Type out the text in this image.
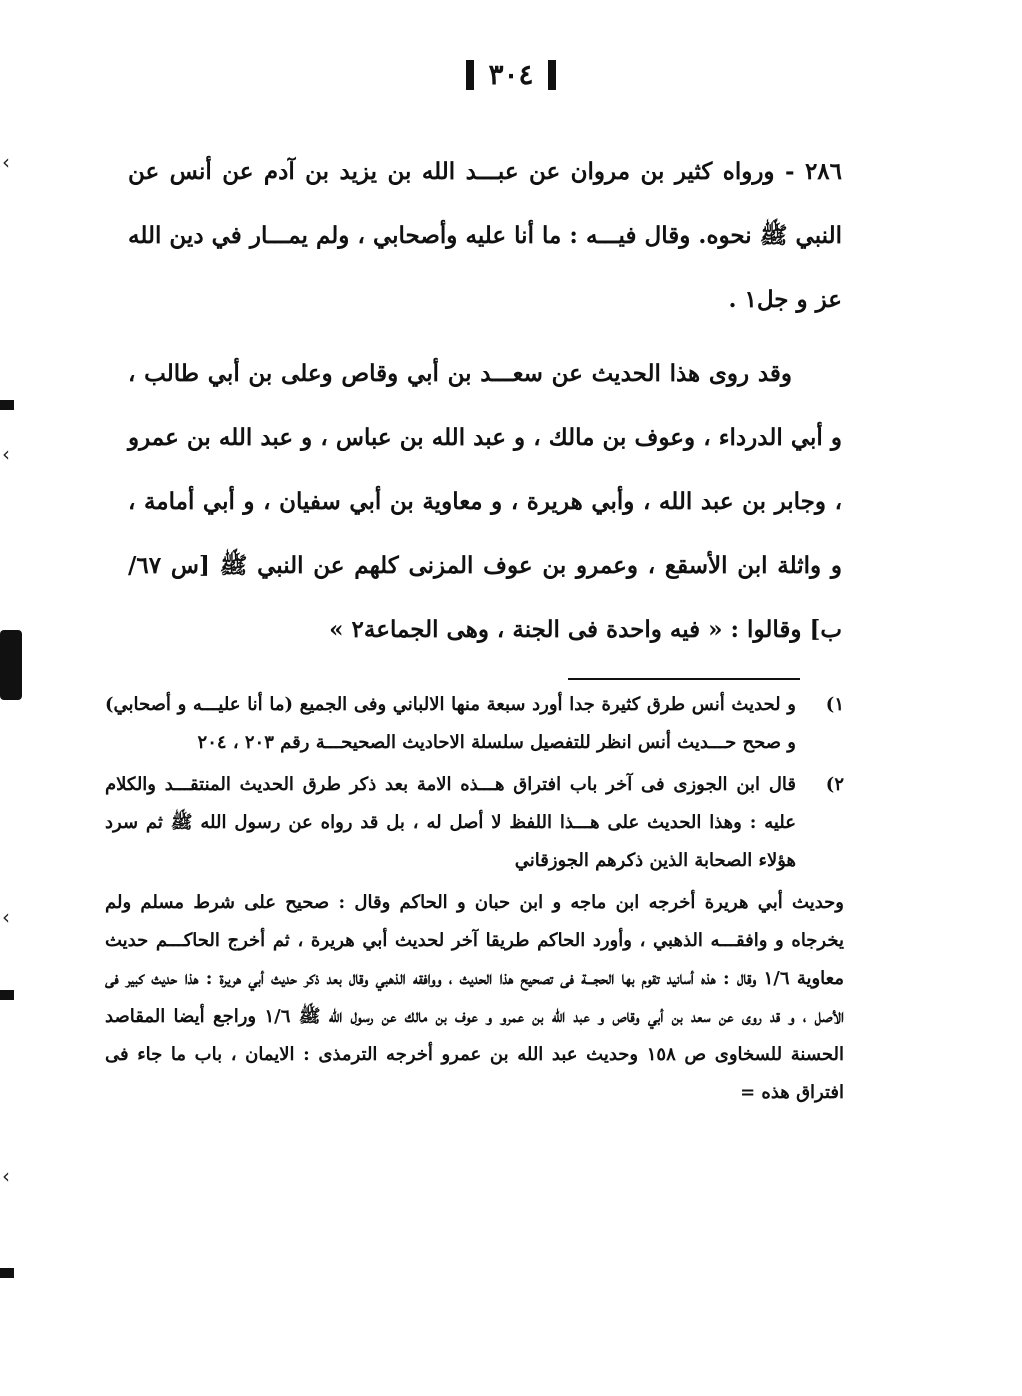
٣٠٤

٢٨٦ - ورواه كثير بن مروان عن عبـــد الله بن يزيد بن آدم عن أنس عن النبي ﷺ نحوه. وقال فيـــه : ما أنا عليه وأصحابي ، ولم يمـــار في دين الله عز و جل١ .

وقد روى هذا الحديث عن سعـــد بن أبي وقاص وعلى بن أبي طالب ، و أبي الدرداء ، وعوف بن مالك ، و عبد الله بن عباس ، و عبد الله بن عمرو ، وجابر بن عبد الله ، وأبي هريرة ، و معاوية بن أبي سفيان ، و أبي أمامة ، و واثلة ابن الأسقع ، وعمرو بن عوف المزنى كلهم عن النبي ﷺ [س ٦٧/ب] وقالوا : « فيه واحدة فى الجنة ، وهى الجماعة٢ »

١)
و لحديث أنس طرق كثيرة جدا أورد سبعة منها الالباني وفى الجميع (ما أنا عليـــه و أصحابي) و صحح حـــديث أنس انظر للتفصيل سلسلة الاحاديث الصحيحـــة رقم ٢٠٣ ، ٢٠٤
٢)
قال ابن الجوزى فى آخر باب افتراق هـــذه الامة بعد ذكر طرق الحديث المنتقـــد والكلام عليه : وهذا الحديث على هـــذا اللفظ لا أصل له ، بل قد رواه عن رسول الله ﷺ ثم سرد هؤلاء الصحابة الذين ذكرهم الجوزقاني
وحديث أبي هريرة أخرجه ابن ماجه و ابن حبان و الحاكم وقال : صحيح على شرط مسلم ولم يخرجاه و وافقـــه الذهبي ، وأورد الحاكم طريقا آخر لحديث أبي هريرة ، ثم أخرج الحاكـــم حديث معاوية ١/٦ وقال : هذه أسانيد تقوم بها الحجـــة فى تصحيح هذا الحديث ، ووافقه الذهبي وقال بعد ذكر حديث أبي هريرة : هذا حديث كبير فى الأصل ، و قد روى عن سعد بن أبي وقاص و عبد الله بن عمرو و عوف بن مالك عن رسول الله ﷺ ١/٦ وراجع أيضا المقاصد الحسنة للسخاوى ص ١٥٨ وحديث عبد الله بن عمرو أخرجه الترمذى : الايمان ، باب ما جاء فى افتراق هذه =
‹
‹
‹
‹
